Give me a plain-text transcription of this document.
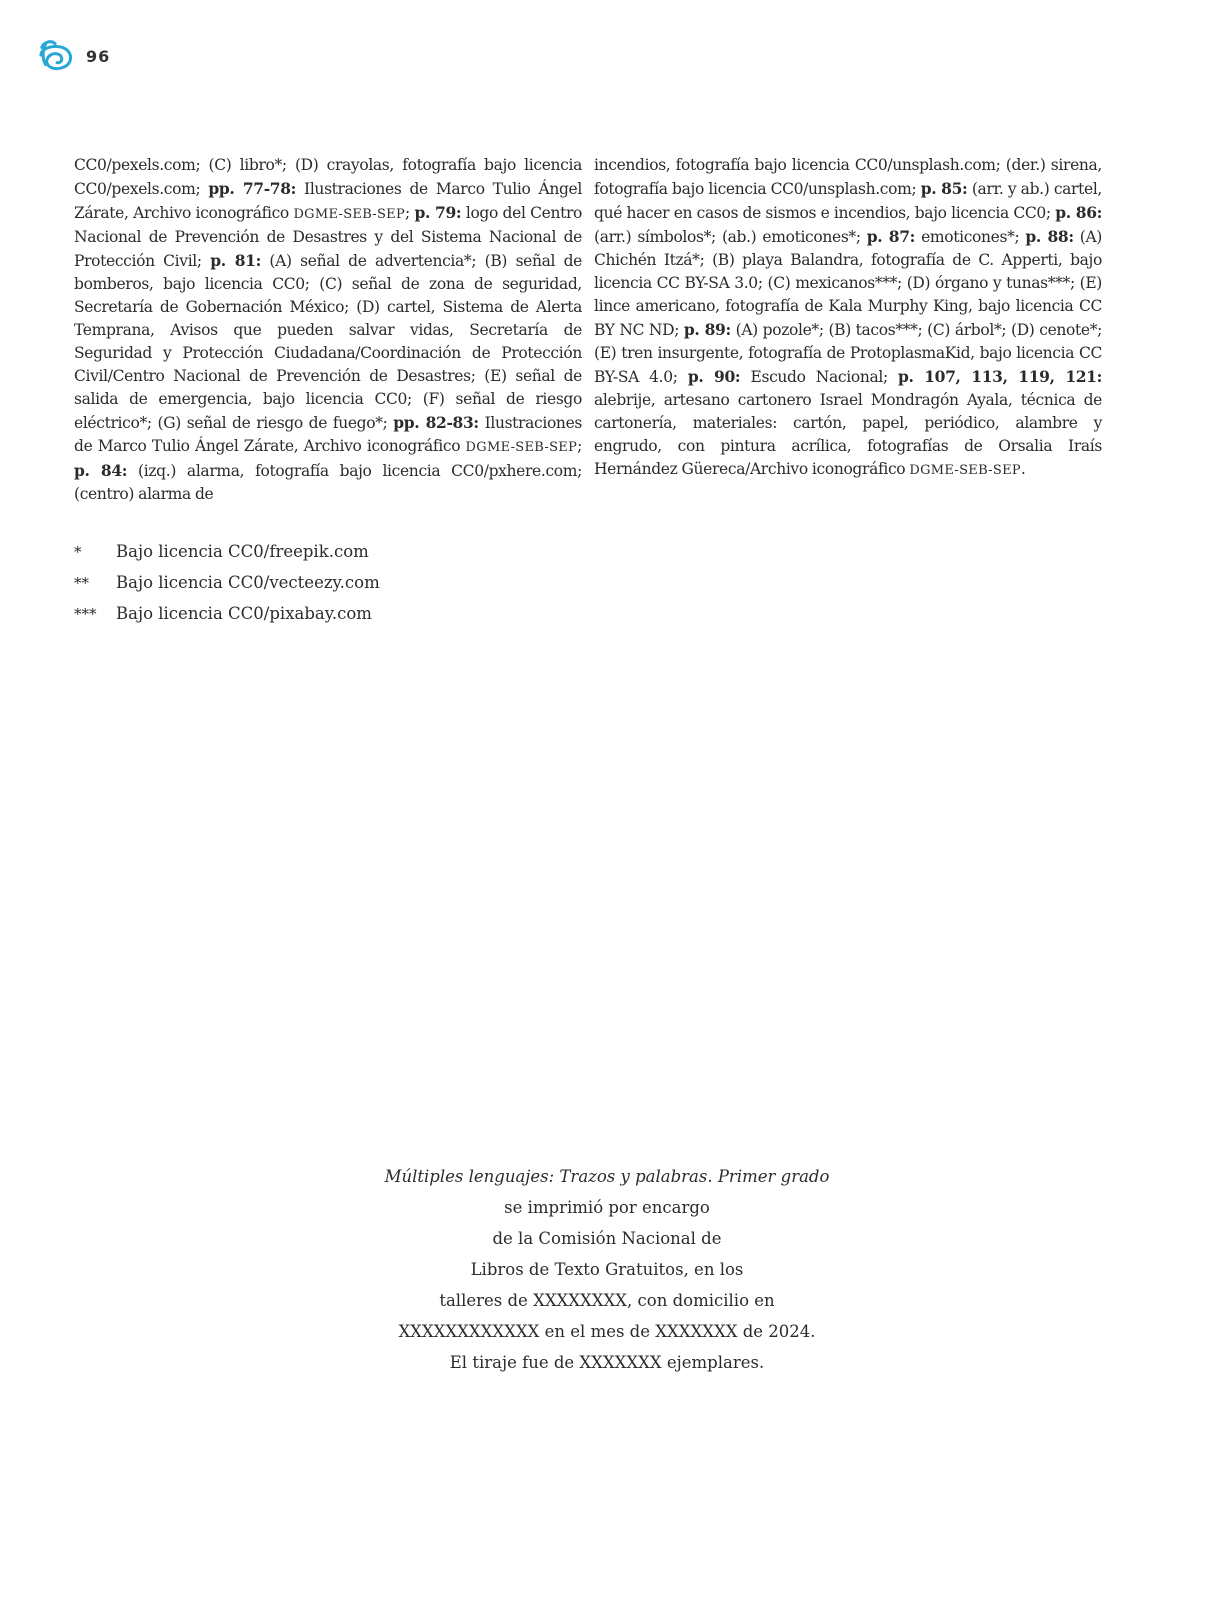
96
CC0/pexels.com; (C) libro*; (D) crayolas, fotografía bajo licencia CC0/pexels.com; pp. 77-78: Ilustraciones de Marco Tulio Ángel Zárate, Archivo iconográfico DGME-SEB-SEP; p. 79: logo del Centro Nacional de Prevención de Desastres y del Sistema Nacional de Protección Civil; p. 81: (A) señal de advertencia*; (B) señal de bomberos, bajo licencia CC0; (C) señal de zona de seguridad, Secretaría de Gobernación México; (D) cartel, Sistema de Alerta Temprana, Avisos que pueden salvar vidas, Secretaría de Seguridad y Protección Ciudadana/Coordinación de Protección Civil/Centro Nacional de Prevención de Desastres; (E) señal de salida de emergencia, bajo licencia CC0; (F) señal de riesgo eléctrico*; (G) señal de riesgo de fuego*; pp. 82-83: Ilustraciones de Marco Tulio Ángel Zárate, Archivo iconográfico DGME-SEB-SEP; p. 84: (izq.) alarma, fotografía bajo licencia CC0/pxhere.com; (centro) alarma de
incendios, fotografía bajo licencia CC0/unsplash.com; (der.) sirena, fotografía bajo licencia CC0/unsplash.com; p. 85: (arr. y ab.) cartel, qué hacer en casos de sismos e incendios, bajo licencia CC0; p. 86: (arr.) símbolos*; (ab.) emoticones*; p. 87: emoticones*; p. 88: (A) Chichén Itzá*; (B) playa Balandra, fotografía de C. Apperti, bajo licencia CC BY-SA 3.0; (C) mexicanos***; (D) órgano y tunas***; (E) lince americano, fotografía de Kala Murphy King, bajo licencia CC BY NC ND; p. 89: (A) pozole*; (B) tacos***; (C) árbol*; (D) cenote*; (E) tren insurgente, fotografía de ProtoplasmaKid, bajo licencia CC BY-SA 4.0; p. 90: Escudo Nacional; p. 107, 113, 119, 121: alebrije, artesano cartonero Israel Mondragón Ayala, técnica de cartonería, materiales: cartón, papel, periódico, alambre y engrudo, con pintura acrílica, fotografías de Orsalia Iraís Hernández Güereca/Archivo iconográfico DGME-SEB-SEP.
*	Bajo licencia CC0/freepik.com
**	Bajo licencia CC0/vecteezy.com
***	Bajo licencia CC0/pixabay.com
Múltiples lenguajes: Trazos y palabras. Primer grado
se imprimió por encargo
de la Comisión Nacional de
Libros de Texto Gratuitos, en los
talleres de XXXXXXXX, con domicilio en
XXXXXXXXXXXX en el mes de XXXXXXX de 2024.
El tiraje fue de XXXXXXX ejemplares.
